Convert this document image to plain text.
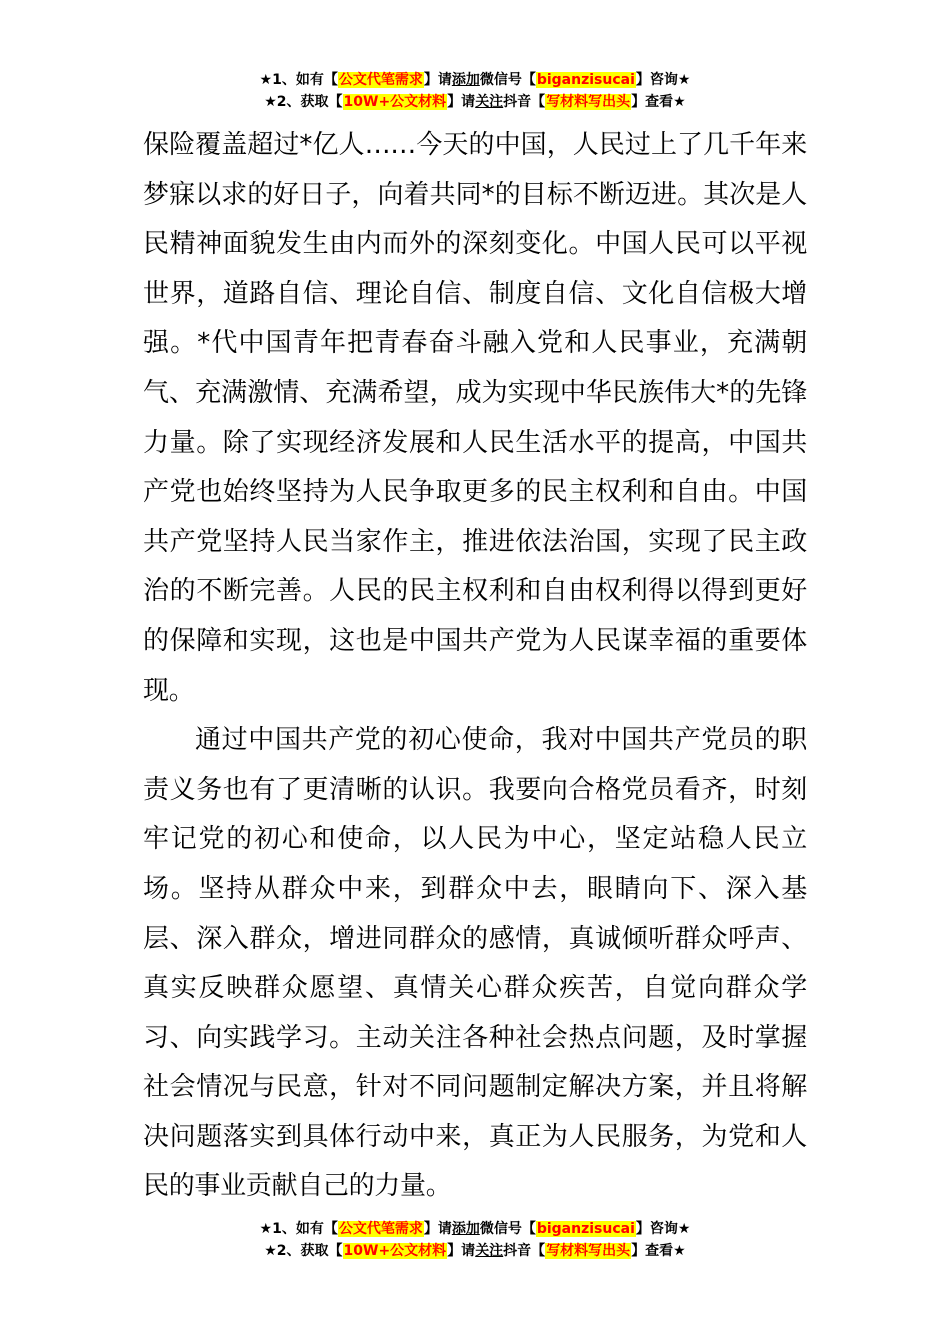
★1、如有【公文代笔需求】请添加微信号【biganzisucai】咨询★
★2、获取【10W+公文材料】请关注抖音【写材料写出头】查看★

保险覆盖超过*亿人……今天的中国，人民过上了几千年来梦寐以求的好日子，向着共同*的目标不断迈进。其次是人民精神面貌发生由内而外的深刻变化。中国人民可以平视世界，道路自信、理论自信、制度自信、文化自信极大增强。*代中国青年把青春奋斗融入党和人民事业，充满朝气、充满激情、充满希望，成为实现中华民族伟大*的先锋力量。除了实现经济发展和人民生活水平的提高，中国共产党也始终坚持为人民争取更多的民主权利和自由。中国共产党坚持人民当家作主，推进依法治国，实现了民主政治的不断完善。人民的民主权利和自由权利得以得到更好的保障和实现，这也是中国共产党为人民谋幸福的重要体现。

通过中国共产党的初心使命，我对中国共产党员的职责义务也有了更清晰的认识。我要向合格党员看齐，时刻牢记党的初心和使命，以人民为中心，坚定站稳人民立场。坚持从群众中来，到群众中去，眼睛向下、深入基层、深入群众，增进同群众的感情，真诚倾听群众呼声、真实反映群众愿望、真情关心群众疾苦，自觉向群众学习、向实践学习。主动关注各种社会热点问题，及时掌握社会情况与民意，针对不同问题制定解决方案，并且将解决问题落实到具体行动中来，真正为人民服务，为党和人民的事业贡献自己的力量。

★1、如有【公文代笔需求】请添加微信号【biganzisucai】咨询★
★2、获取【10W+公文材料】请关注抖音【写材料写出头】查看★
